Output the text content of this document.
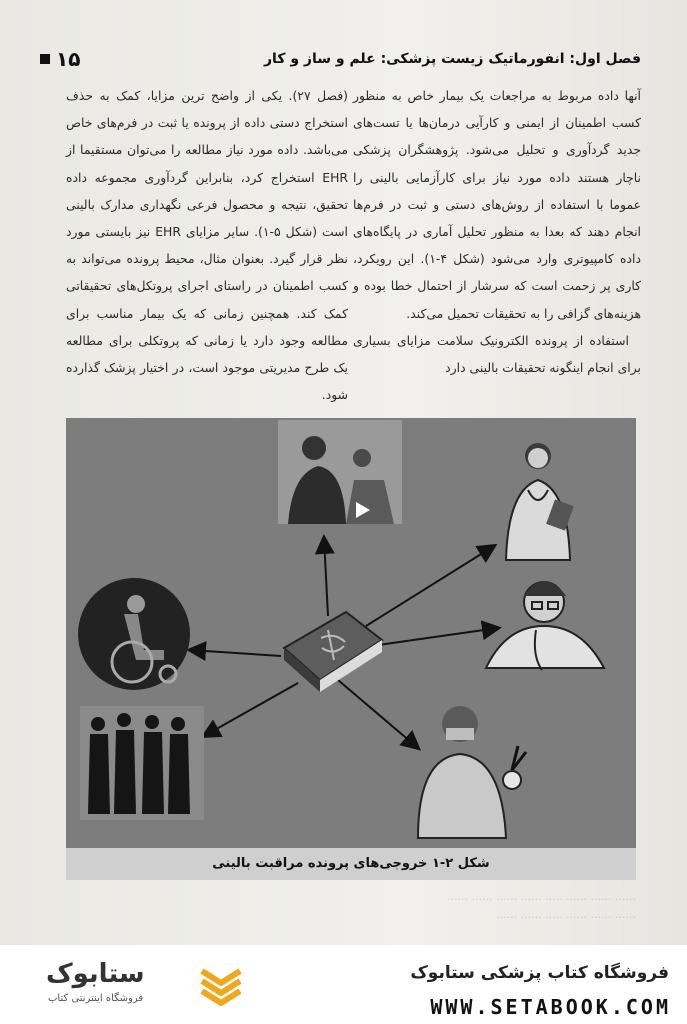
فصل اول: انفورماتیک زیست پزشکی: علم و ساز و کار
۱۵

آنها داده مربوط به مراجعات یک بیمار خاص به منظور کسب اطمینان از ایمنی و کارآیی درمان‌ها یا تست‌های جدید گردآوری و تحلیل می‌شود. پژوهشگران پزشکی ناچار هستند داده مورد نیاز برای کارآزمایی بالینی را عموما با استفاده از روش‌های دستی و ثبت در فرم‌ها انجام دهند که بعدا به منظور تحلیل آماری در پایگاه‌های داده کامپیوتری وارد می‌شود (شکل ۴-۱). این رویکرد، کاری پر زحمت است که سرشار از احتمال خطا بوده و هزینه‌های گزافی را به تحقیقات تحمیل می‌کند.

استفاده از پرونده الکترونیک سلامت مزایای بسیاری برای انجام اینگونه تحقیقات بالینی دارد

(فصل ۲۷). یکی از واضح ترین مزایا، کمک به حذف استخراج دستی داده از پرونده یا ثبت در فرم‌های خاص می‌باشد. داده مورد نیاز مطالعه را می‌توان مستقیما از EHR استخراج کرد، بنابراین گردآوری مجموعه داده تحقیق، نتیجه و محصول فرعی نگهداری مدارک بالینی است (شکل ۵-۱). سایر مزایای EHR نیز بایستی مورد نظر قرار گیرد. بعنوان مثال، محیط پرونده می‌تواند به کسب اطمینان در راستای اجرای پروتکل‌های تحقیقاتی کمک کند. همچنین زمانی که یک بیمار مناسب برای مطالعه وجود دارد یا زمانی که پروتکلی برای مطالعه یک طرح مدیریتی موجود است، در اختیار پزشک گذارده شود.

شکل ۲-۱ خروجی‌های پرونده مراقبت بالینی
...... ...... ...... ..... ...... ...... ...... ......
...... ...... ...... ..... ...... ......
ستابوک
فروشگاه اینترنتی کتاب
فروشگاه کتاب پزشکی ستابوک
WWW.SETABOOK.COM
